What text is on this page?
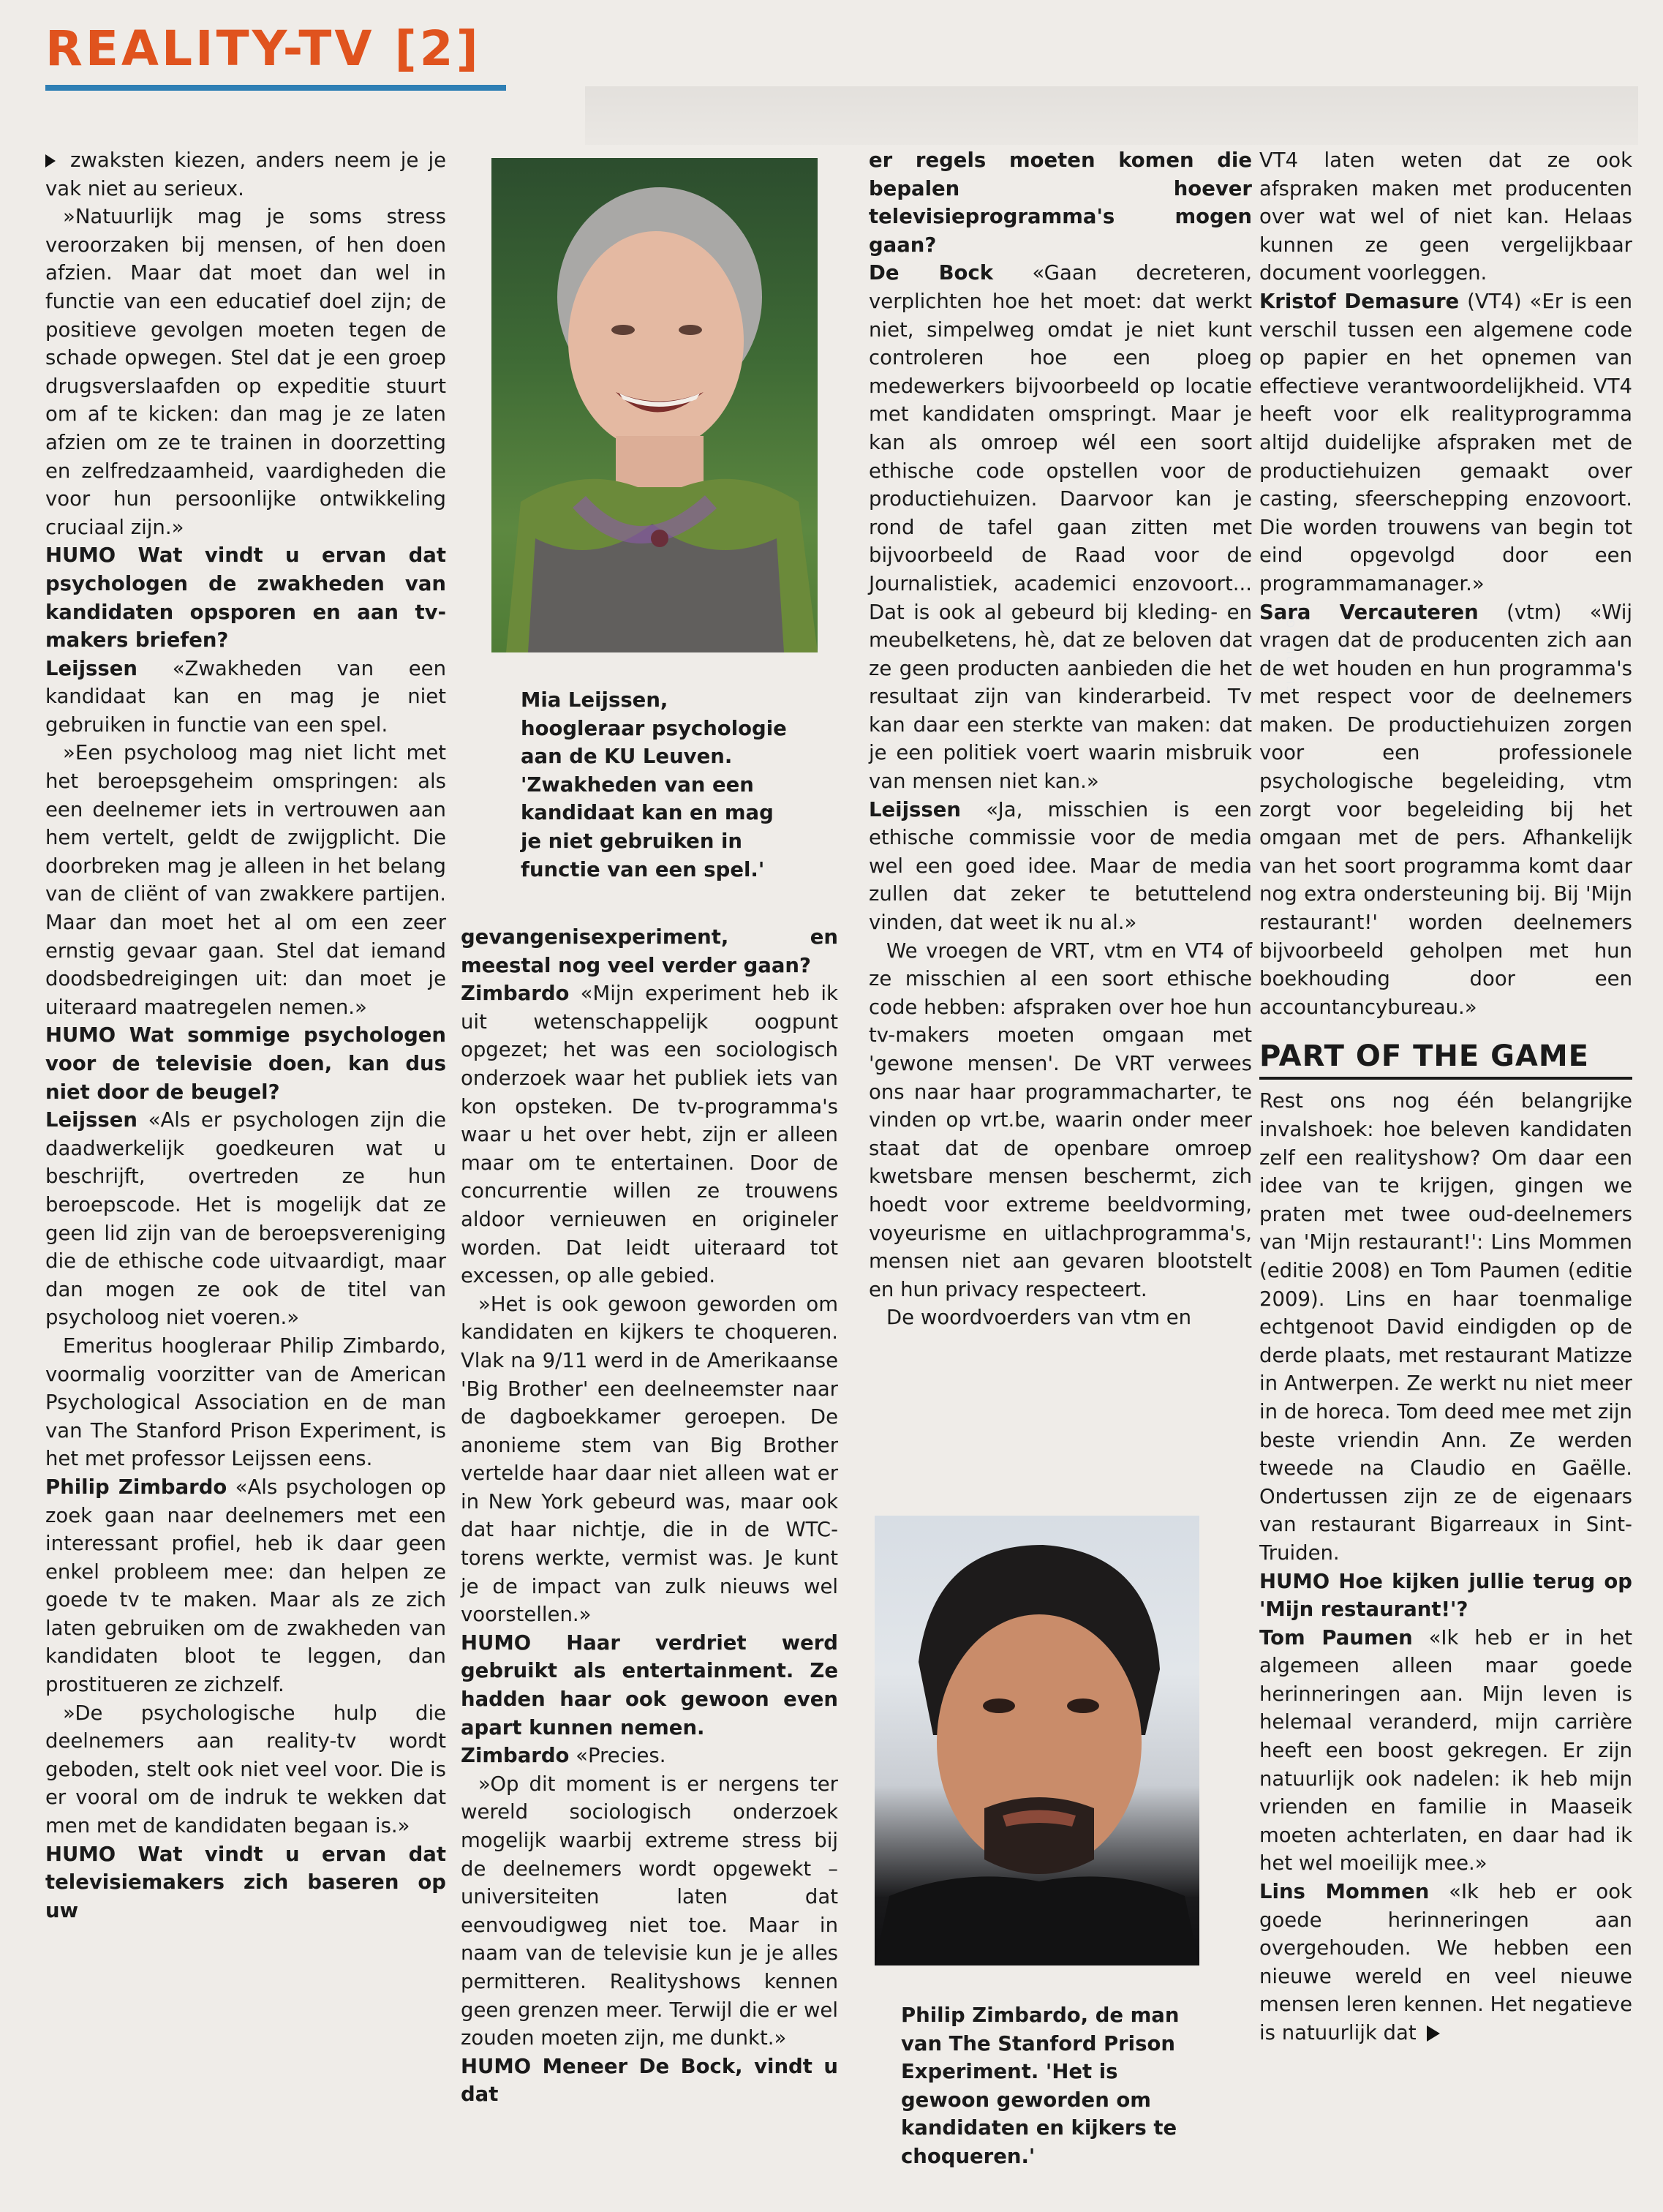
REALITY-TV [2]

zwaksten kiezen, anders neem je je vak niet au serieux.

»Natuurlijk mag je soms stress veroorzaken bij mensen, of hen doen afzien. Maar dat moet dan wel in functie van een educatief doel zijn; de positieve gevolgen moeten tegen de schade opwegen. Stel dat je een groep drugsverslaafden op expeditie stuurt om af te kicken: dan mag je ze laten afzien om ze te trainen in doorzetting en zelfredzaamheid, vaardigheden die voor hun persoonlijke ontwikkeling cruciaal zijn.»

HUMO Wat vindt u ervan dat psychologen de zwakheden van kandidaten opsporen en aan tv-makers briefen?

Leijssen «Zwakheden van een kandidaat kan en mag je niet gebruiken in functie van een spel.

»Een psycholoog mag niet licht met het beroepsgeheim omspringen: als een deelnemer iets in vertrouwen aan hem vertelt, geldt de zwijgplicht. Die doorbreken mag je alleen in het belang van de cliënt of van zwakkere partijen. Maar dan moet het al om een zeer ernstig gevaar gaan. Stel dat iemand doodsbedreigingen uit: dan moet je uiteraard maatregelen nemen.»

HUMO Wat sommige psychologen voor de televisie doen, kan dus niet door de beugel?

Leijssen «Als er psychologen zijn die daadwerkelijk goedkeuren wat u beschrijft, overtreden ze hun beroepscode. Het is mogelijk dat ze geen lid zijn van de beroepsvereniging die de ethische code uitvaardigt, maar dan mogen ze ook de titel van psycholoog niet voeren.»

Emeritus hoogleraar Philip Zimbardo, voormalig voorzitter van de American Psychological Association en de man van The Stanford Prison Experiment, is het met professor Leijssen eens.

Philip Zimbardo «Als psychologen op zoek gaan naar deelnemers met een interessant profiel, heb ik daar geen enkel probleem mee: dan helpen ze goede tv te maken. Maar als ze zich laten gebruiken om de zwakheden van kandidaten bloot te leggen, dan prostitueren ze zichzelf.

»De psychologische hulp die deelnemers aan reality-tv wordt geboden, stelt ook niet veel voor. Die is er vooral om de indruk te wekken dat men met de kandidaten begaan is.»

HUMO Wat vindt u ervan dat televisiemakers zich baseren op uw

SIGFRID EGGERS
Mia Leijssen, hoogleraar psychologie aan de KU Leuven. 'Zwakheden van een kandidaat kan en mag je niet gebruiken in functie van een spel.'

gevangenisexperiment, en meestal nog veel verder gaan?

Zimbardo «Mijn experiment heb ik uit wetenschappelijk oogpunt opgezet; het was een sociologisch onderzoek waar het publiek iets van kon opsteken. De tv-programma's waar u het over hebt, zijn er alleen maar om te entertainen. Door de concurrentie willen ze trouwens aldoor vernieuwen en origineler worden. Dat leidt uiteraard tot excessen, op alle gebied.

»Het is ook gewoon geworden om kandidaten en kijkers te choqueren. Vlak na 9/11 werd in de Amerikaanse 'Big Brother' een deelneemster naar de dagboekkamer geroepen. De anonieme stem van Big Brother vertelde haar daar niet alleen wat er in New York gebeurd was, maar ook dat haar nichtje, die in de WTC-torens werkte, vermist was. Je kunt je de impact van zulk nieuws wel voorstellen.»

HUMO Haar verdriet werd gebruikt als entertainment. Ze hadden haar ook gewoon even apart kunnen nemen.

Zimbardo «Precies.

»Op dit moment is er nergens ter wereld sociologisch onderzoek mogelijk waarbij extreme stress bij de deelnemers wordt opgewekt – universiteiten laten dat eenvoudigweg niet toe. Maar in naam van de televisie kun je je alles permitteren. Realityshows kennen geen grenzen meer. Terwijl die er wel zouden moeten zijn, me dunkt.»

HUMO Meneer De Bock, vindt u dat

er regels moeten komen die bepalen hoever televisieprogramma's mogen gaan?

De Bock «Gaan decreteren, verplichten hoe het moet: dat werkt niet, simpelweg omdat je niet kunt controleren hoe een ploeg medewerkers bijvoorbeeld op locatie met kandidaten omspringt. Maar je kan als omroep wél een soort ethische code opstellen voor de productiehuizen. Daarvoor kan je rond de tafel gaan zitten met bijvoorbeeld de Raad voor de Journalistiek, academici enzovoort... Dat is ook al gebeurd bij kleding- en meubelketens, hè, dat ze beloven dat ze geen producten aanbieden die het resultaat zijn van kinderarbeid. Tv kan daar een sterkte van maken: dat je een politiek voert waarin misbruik van mensen niet kan.»

Leijssen «Ja, misschien is een ethische commissie voor de media wel een goed idee. Maar de media zullen dat zeker te betuttelend vinden, dat weet ik nu al.»

We vroegen de VRT, vtm en VT4 of ze misschien al een soort ethische code hebben: afspraken over hoe hun tv-makers moeten omgaan met 'gewone mensen'. De VRT verwees ons naar haar programmacharter, te vinden op vrt.be, waarin onder meer staat dat de openbare omroep kwetsbare mensen beschermt, zich hoedt voor extreme beeldvorming, voyeurisme en uitlachprogramma's, mensen niet aan gevaren blootstelt en hun privacy respecteert.

De woordvoerders van vtm en

Philip Zimbardo, de man van The Stanford Prison Experiment. 'Het is gewoon geworden om kandidaten en kijkers te choqueren.'

VT4 laten weten dat ze ook afspraken maken met producenten over wat wel of niet kan. Helaas kunnen ze geen vergelijkbaar document voorleggen.

Kristof Demasure (VT4) «Er is een verschil tussen een algemene code op papier en het opnemen van effectieve verantwoordelijkheid. VT4 heeft voor elk realityprogramma altijd duidelijke afspraken met de productiehuizen gemaakt over casting, sfeerschepping enzovoort. Die worden trouwens van begin tot eind opgevolgd door een programmamanager.»

Sara Vercauteren (vtm) «Wij vragen dat de producenten zich aan de wet houden en hun programma's met respect voor de deelnemers maken. De productiehuizen zorgen voor een professionele psychologische begeleiding, vtm zorgt voor begeleiding bij het omgaan met de pers. Afhankelijk van het soort programma komt daar nog extra ondersteuning bij. Bij 'Mijn restaurant!' worden deelnemers bijvoorbeeld geholpen met hun boekhouding door een accountancybureau.»

PART OF THE GAME

Rest ons nog één belangrijke invalshoek: hoe beleven kandidaten zelf een realityshow? Om daar een idee van te krijgen, gingen we praten met twee oud-deelnemers van 'Mijn restaurant!': Lins Mommen (editie 2008) en Tom Paumen (editie 2009). Lins en haar toenmalige echtgenoot David eindigden op de derde plaats, met restaurant Matizze in Antwerpen. Ze werkt nu niet meer in de horeca. Tom deed mee met zijn beste vriendin Ann. Ze werden tweede na Claudio en Gaëlle. Ondertussen zijn ze de eigenaars van restaurant Bigarreaux in Sint-Truiden.

HUMO Hoe kijken jullie terug op 'Mijn restaurant!'?

Tom Paumen «Ik heb er in het algemeen alleen maar goede herinneringen aan. Mijn leven is helemaal veranderd, mijn carrière heeft een boost gekregen. Er zijn natuurlijk ook nadelen: ik heb mijn vrienden en familie in Maaseik moeten achterlaten, en daar had ik het wel moeilijk mee.»

Lins Mommen «Ik heb er ook goede herinneringen aan overgehouden. We hebben een nieuwe wereld en veel nieuwe mensen leren kennen. Het negatieve is natuurlijk dat
